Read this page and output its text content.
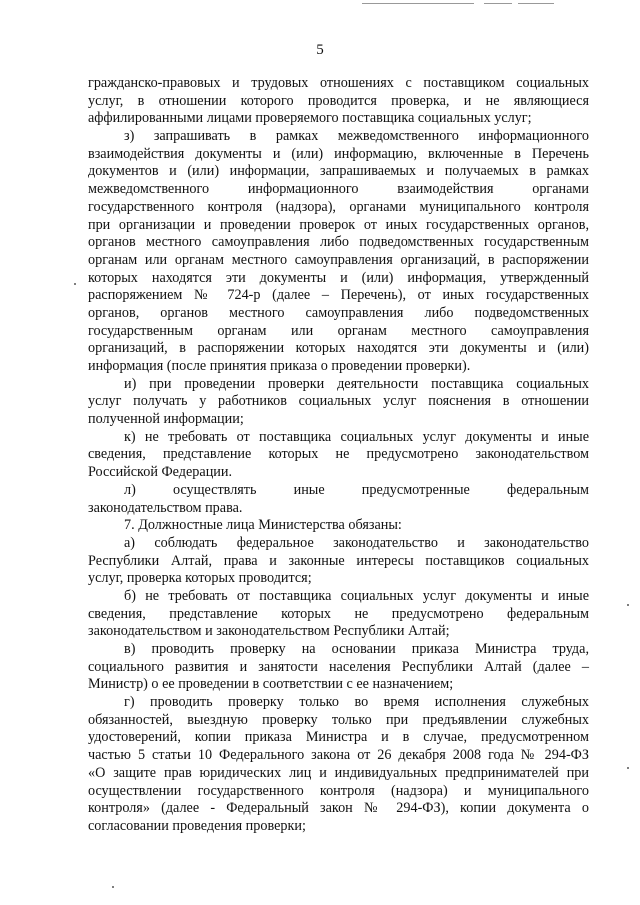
5
гражданско-правовых и трудовых отношениях с поставщиком социальных
услуг, в отношении которого проводится проверка, и не являющиеся
аффилированными лицами проверяемого поставщика социальных услуг;
з) запрашивать в рамках межведомственного информационного
взаимодействия документы и (или) информацию, включенные в Перечень
документов и (или) информации, запрашиваемых и получаемых в рамках
межведомственного информационного взаимодействия органами
государственного контроля (надзора), органами муниципального контроля
при организации и проведении проверок от иных государственных органов,
органов местного самоуправления либо подведомственных государственным
органам или органам местного самоуправления организаций, в распоряжении
которых находятся эти документы и (или) информация, утвержденный
распоряжением № 724-р (далее – Перечень), от иных государственных
органов, органов местного самоуправления либо подведомственных
государственным органам или органам местного самоуправления
организаций, в распоряжении которых находятся эти документы и (или)
информация (после принятия приказа о проведении проверки).
и) при проведении проверки деятельности поставщика социальных
услуг получать у работников социальных услуг пояснения в отношении
полученной информации;
к) не требовать от поставщика социальных услуг документы и иные
сведения, представление которых не предусмотрено законодательством
Российской Федерации.
л) осуществлять иные предусмотренные федеральным
законодательством права.
7. Должностные лица Министерства обязаны:
а) соблюдать федеральное законодательство и законодательство
Республики Алтай, права и законные интересы поставщиков социальных
услуг, проверка которых проводится;
б) не требовать от поставщика социальных услуг документы и иные
сведения, представление которых не предусмотрено федеральным
законодательством и законодательством Республики Алтай;
в) проводить проверку на основании приказа Министра труда,
социального развития и занятости населения Республики Алтай (далее –
Министр) о ее проведении в соответствии с ее назначением;
г) проводить проверку только во время исполнения служебных
обязанностей, выездную проверку только при предъявлении служебных
удостоверений, копии приказа Министра и в случае, предусмотренном
частью 5 статьи 10 Федерального закона от 26 декабря 2008 года № 294-ФЗ
«О защите прав юридических лиц и индивидуальных предпринимателей при
осуществлении государственного контроля (надзора) и муниципального
контроля» (далее - Федеральный закон № 294-ФЗ), копии документа о
согласовании проведения проверки;
